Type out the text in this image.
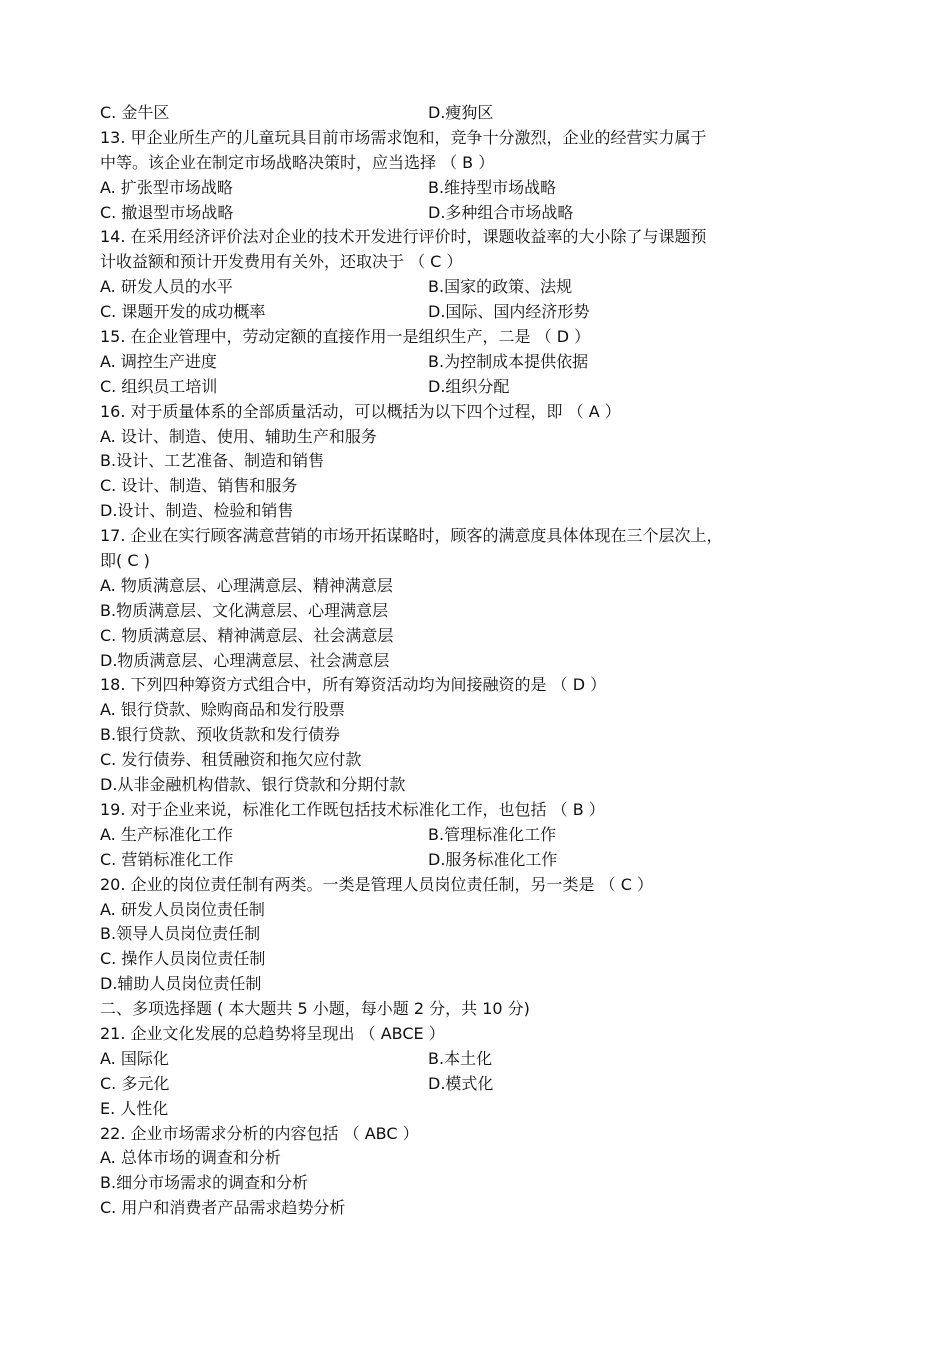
C. 金牛区	D.瘦狗区
13. 甲企业所生产的儿童玩具目前市场需求饱和，竞争十分激烈，企业的经营实力属于
中等。该企业在制定市场战略决策时，应当选择 （ B ）
A. 扩张型市场战略	B.维持型市场战略
C. 撤退型市场战略	D.多种组合市场战略
14. 在采用经济评价法对企业的技术开发进行评价时，课题收益率的大小除了与课题预
计收益额和预计开发费用有关外，还取决于 （ C ）
A. 研发人员的水平	B.国家的政策、法规
C. 课题开发的成功概率	D.国际、国内经济形势
15. 在企业管理中，劳动定额的直接作用一是组织生产，二是 （ D ）
A. 调控生产进度	B.为控制成本提供依据
C. 组织员工培训	D.组织分配
16. 对于质量体系的全部质量活动，可以概括为以下四个过程，即 （ A ）
A. 设计、制造、使用、辅助生产和服务
B.设计、工艺准备、制造和销售
C. 设计、制造、销售和服务
D.设计、制造、检验和销售
17. 企业在实行顾客满意营销的市场开拓谋略时，顾客的满意度具体体现在三个层次上，
即( C )
A. 物质满意层、心理满意层、精神满意层
B.物质满意层、文化满意层、心理满意层
C. 物质满意层、精神满意层、社会满意层
D.物质满意层、心理满意层、社会满意层
18. 下列四种筹资方式组合中，所有筹资活动均为间接融资的是 （ D ）
A. 银行贷款、赊购商品和发行股票
B.银行贷款、预收货款和发行债券
C. 发行债券、租赁融资和拖欠应付款
D.从非金融机构借款、银行贷款和分期付款
19. 对于企业来说，标准化工作既包括技术标准化工作，也包括 （ B ）
A. 生产标准化工作	B.管理标准化工作
C. 营销标准化工作	D.服务标准化工作
20. 企业的岗位责任制有两类。一类是管理人员岗位责任制，另一类是 （ C ）
A. 研发人员岗位责任制
B.领导人员岗位责任制
C. 操作人员岗位责任制
D.辅助人员岗位责任制
二、多项选择题 ( 本大题共 5 小题，每小题 2 分，共 10 分)
21. 企业文化发展的总趋势将呈现出 （ ABCE ）
A. 国际化	B.本土化
C. 多元化	D.模式化
E. 人性化
22. 企业市场需求分析的内容包括 （ ABC ）
A. 总体市场的调查和分析
B.细分市场需求的调查和分析
C. 用户和消费者产品需求趋势分析
